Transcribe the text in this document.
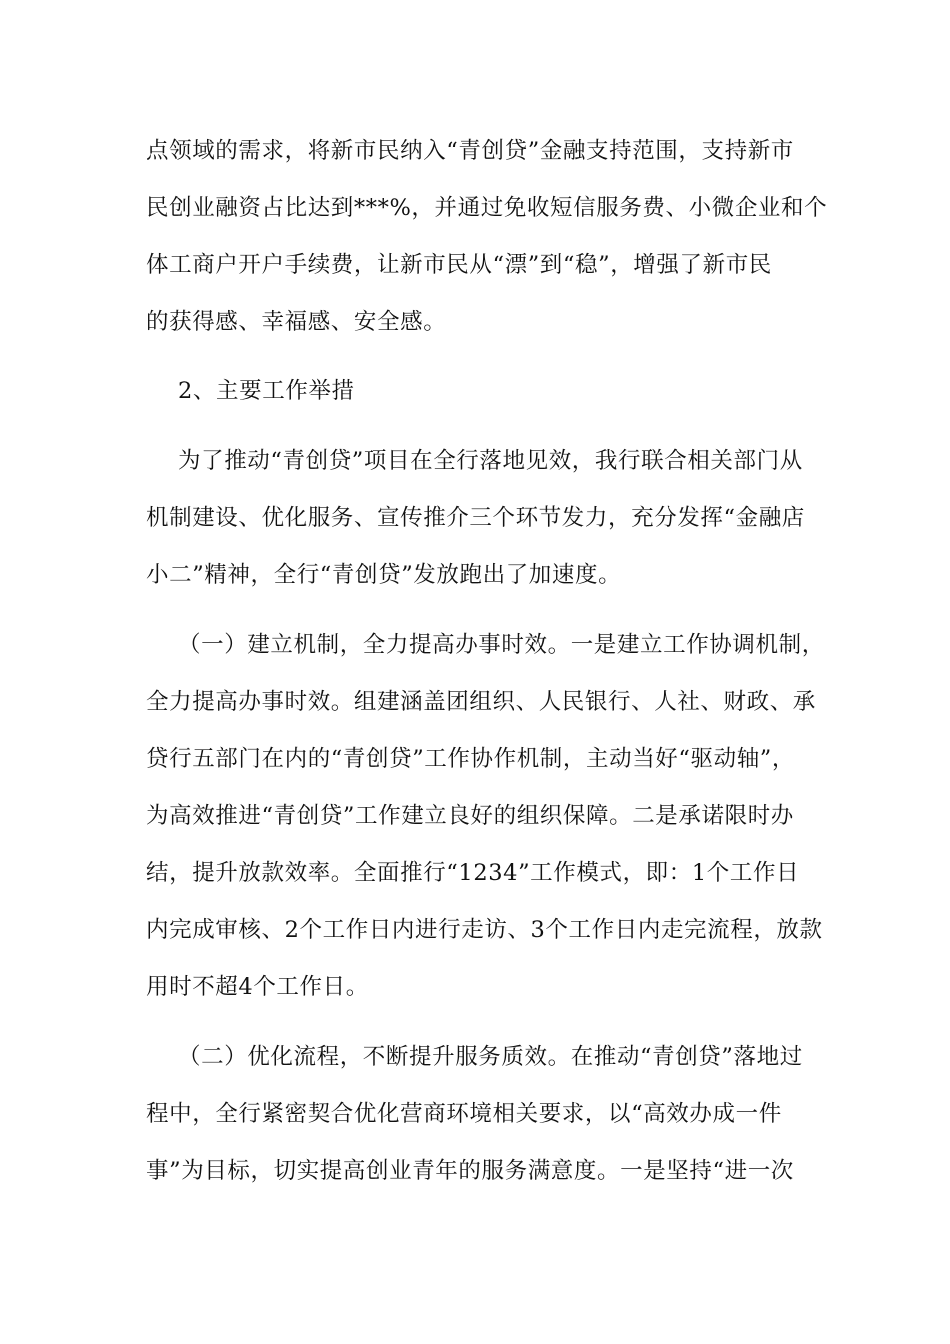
点领域的需求，将新市民纳入“青创贷”金融支持范围，支持新市
民创业融资占比达到***%，并通过免收短信服务费、小微企业和个
体工商户开户手续费，让新市民从“漂”到“稳”，增强了新市民
的获得感、幸福感、安全感。
2、主要工作举措
为了推动“青创贷”项目在全行落地见效，我行联合相关部门从
机制建设、优化服务、宣传推介三个环节发力，充分发挥“金融店
小二”精神，全行“青创贷”发放跑出了加速度。
（一）建立机制，全力提高办事时效。一是建立工作协调机制，
全力提高办事时效。组建涵盖团组织、人民银行、人社、财政、承
贷行五部门在内的“青创贷”工作协作机制，主动当好“驱动轴”，
为高效推进“青创贷”工作建立良好的组织保障。二是承诺限时办
结，提升放款效率。全面推行“1234”工作模式，即：1个工作日
内完成审核、2个工作日内进行走访、3个工作日内走完流程，放款
用时不超4个工作日。
（二）优化流程，不断提升服务质效。在推动“青创贷”落地过
程中，全行紧密契合优化营商环境相关要求，以“高效办成一件
事”为目标，切实提高创业青年的服务满意度。一是坚持“进一次
